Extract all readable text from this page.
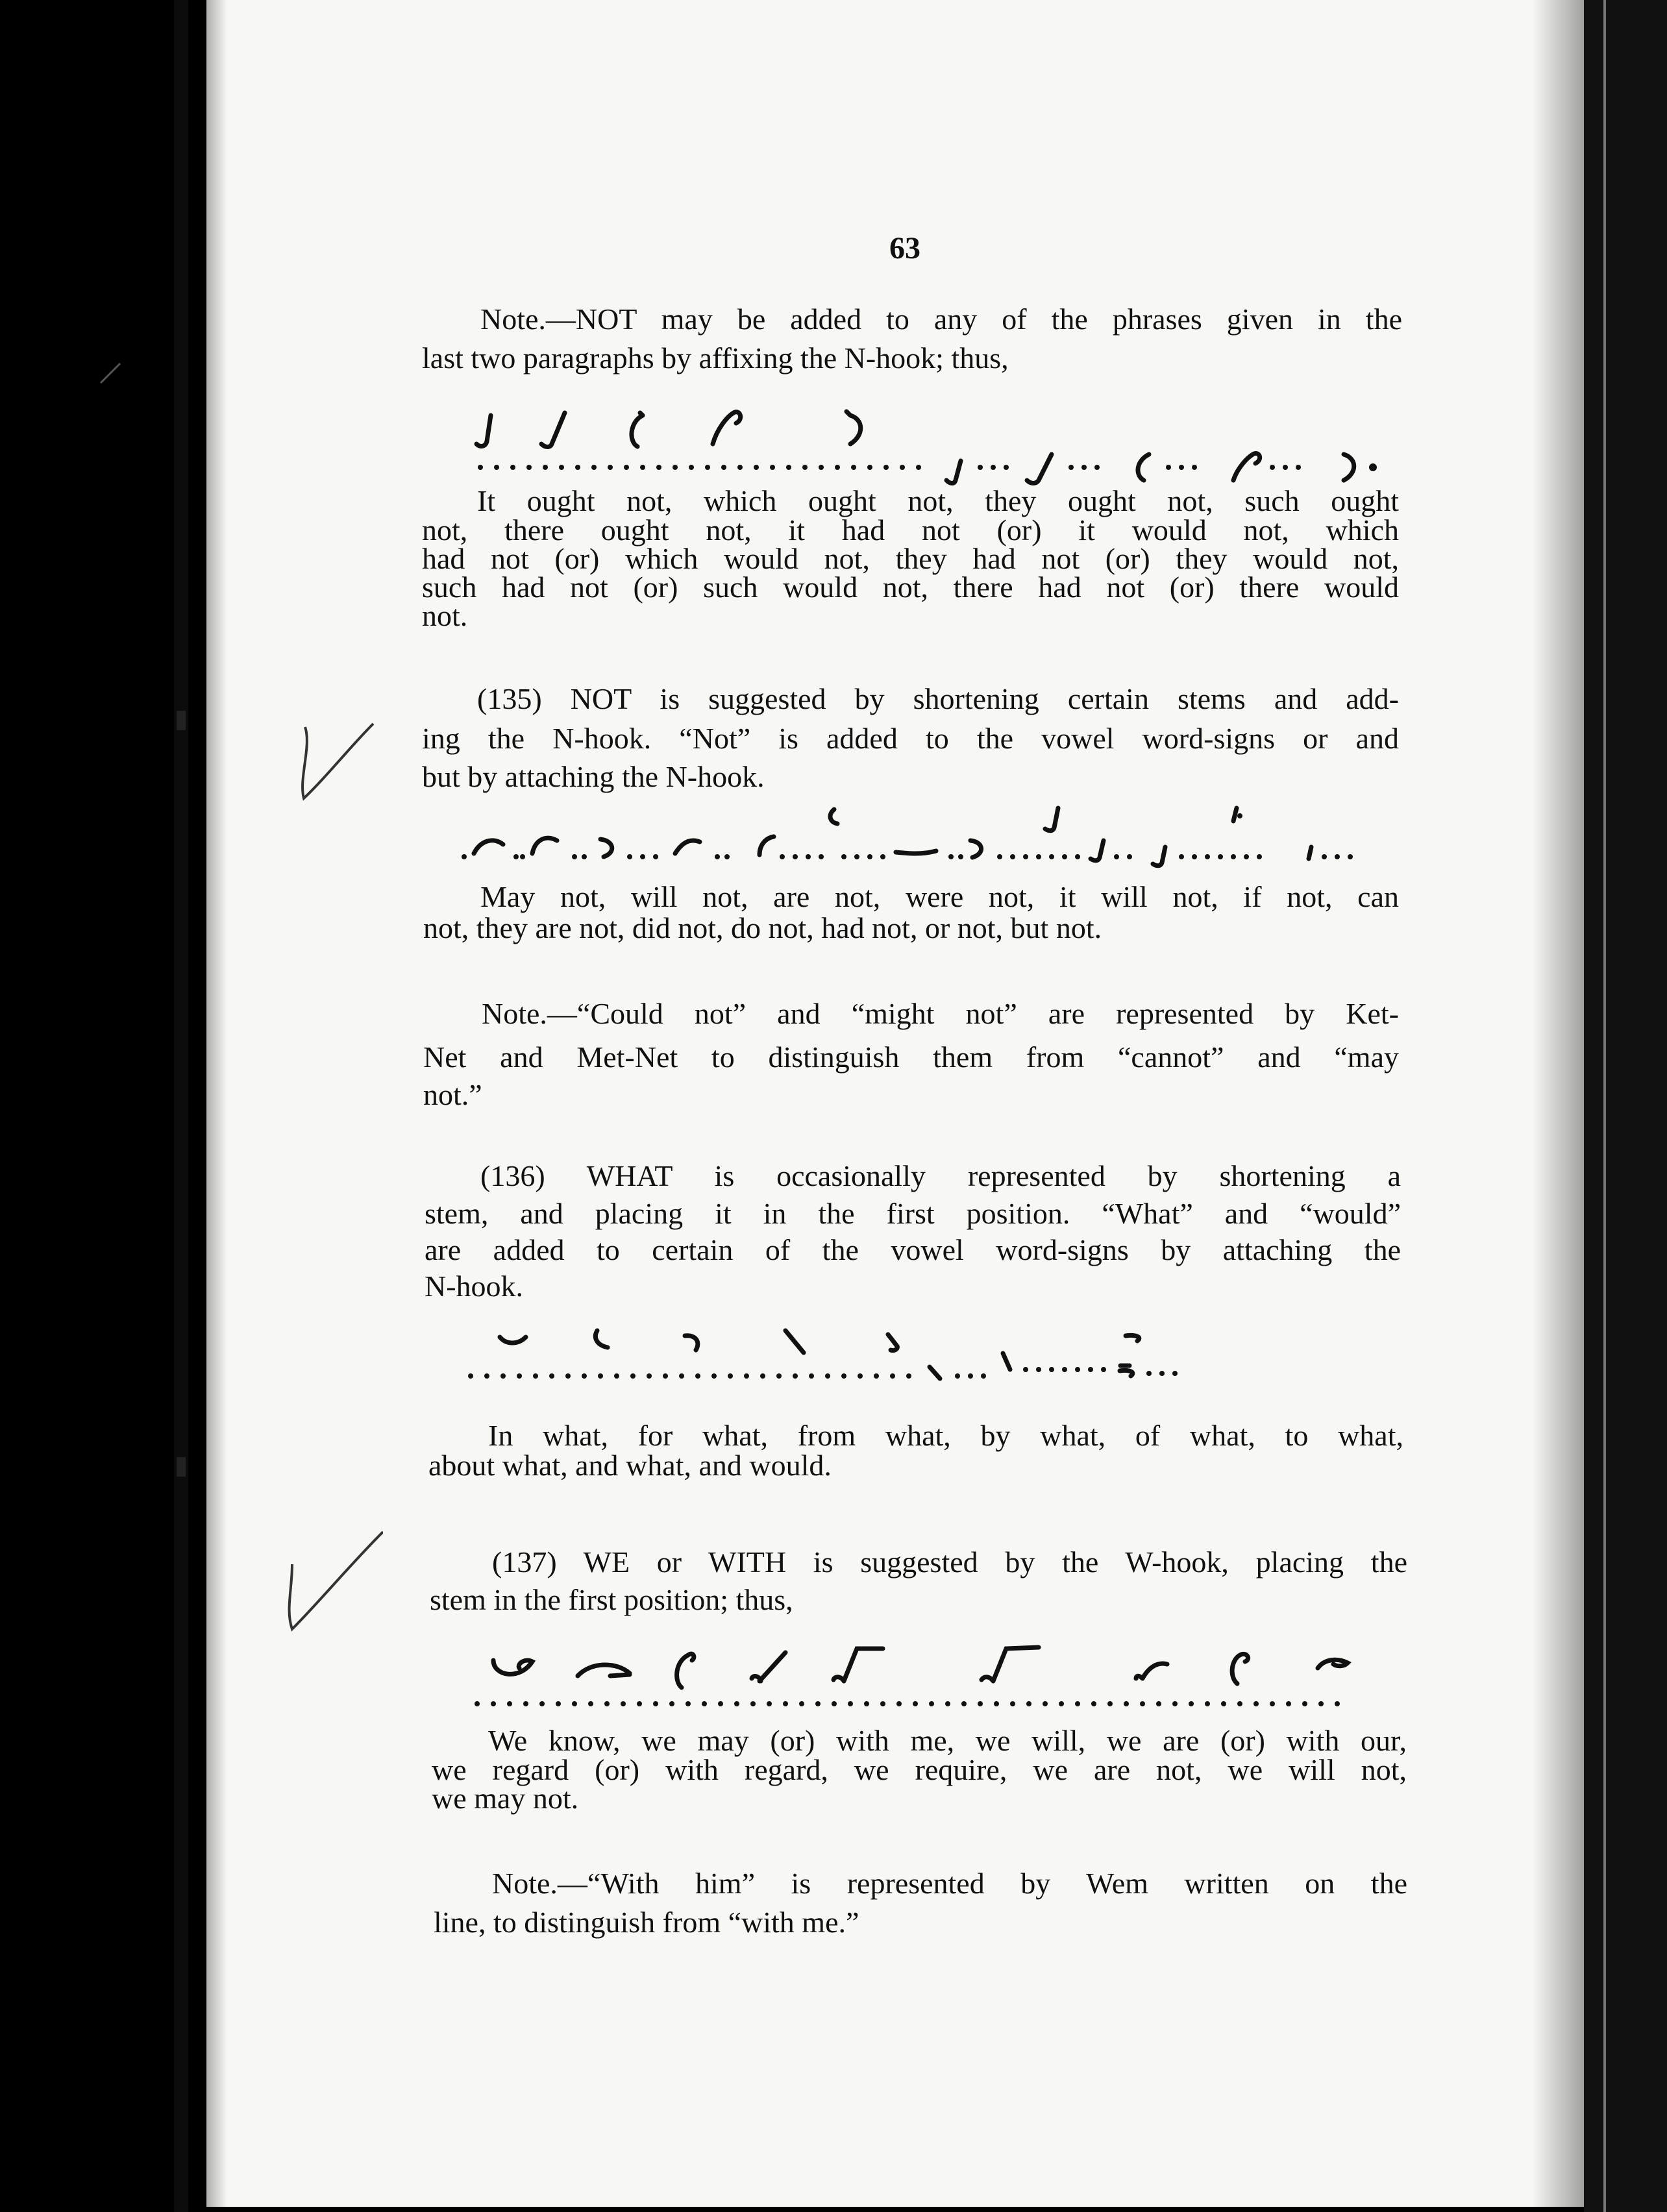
63
Note.—NOT may be added to any of the phrases given in the
last two paragraphs by affixing the N-hook; thus,
It ought not, which ought not, they ought not, such ought
not, there ought not, it had not (or) it would not, which
had not (or) which would not, they had not (or) they would not,
such had not (or) such would not, there had not (or) there would
not.
(135) NOT is suggested by shortening certain stems and add-
ing the N-hook. “Not” is added to the vowel word-signs or and
but by attaching the N-hook.
May not, will not, are not, were not, it will not, if not, can
not, they are not, did not, do not, had not, or not, but not.
Note.—“Could not” and “might not” are represented by Ket-
Net and Met-Net to distinguish them from “cannot” and “may
not.”
(136) WHAT is occasionally represented by shortening a
stem, and placing it in the first position. “What” and “would”
are added to certain of the vowel word-signs by attaching the
N-hook.
In what, for what, from what, by what, of what, to what,
about what, and what, and would.
(137) WE or WITH is suggested by the W-hook, placing the
stem in the first position; thus,
We know, we may (or) with me, we will, we are (or) with our,
we regard (or) with regard, we require, we are not, we will not,
we may not.
Note.—“With him” is represented by Wem written on the
line, to distinguish from “with me.”
